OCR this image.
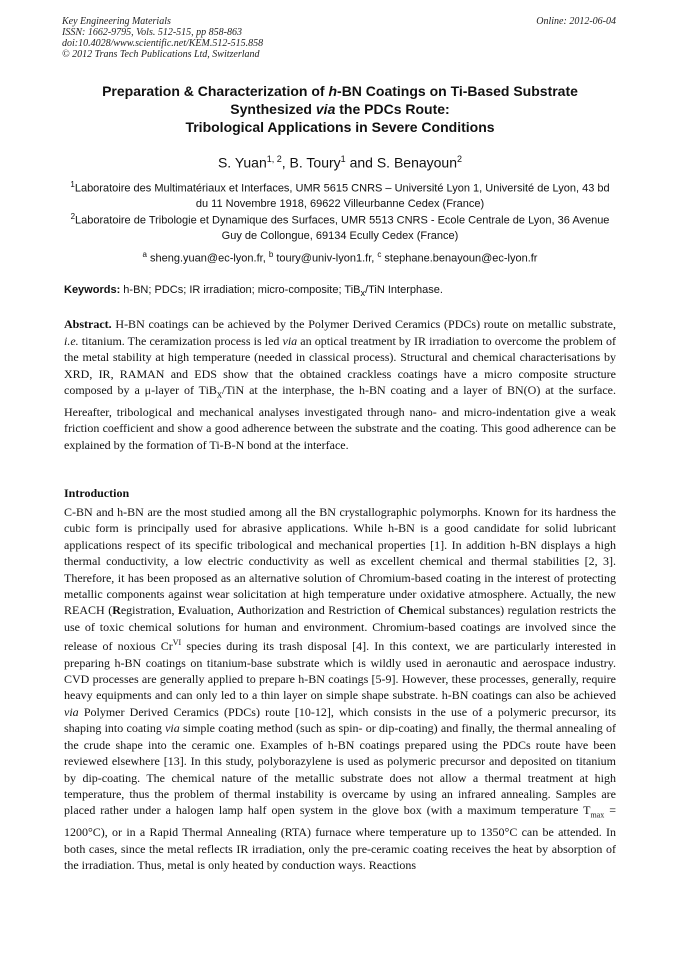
Key Engineering Materials
ISSN: 1662-9795, Vols. 512-515, pp 858-863
doi:10.4028/www.scientific.net/KEM.512-515.858
© 2012 Trans Tech Publications Ltd, Switzerland
Online: 2012-06-04
Preparation & Characterization of h-BN Coatings on Ti-Based Substrate
Synthesized via the PDCs Route:
Tribological Applications in Severe Conditions
S. Yuan$^{1, 2}$, B. Toury$^1$ and S. Benayoun$^2$
$^1$Laboratoire des Multimatériaux et Interfaces, UMR 5615 CNRS – Université Lyon 1, Université de Lyon, 43 bd du 11 Novembre 1918, 69622 Villeurbanne Cedex (France)
$^2$Laboratoire de Tribologie et Dynamique des Surfaces, UMR 5513 CNRS - Ecole Centrale de Lyon, 36 Avenue Guy de Collongue, 69134 Ecully Cedex (France)
$^a$ sheng.yuan@ec-lyon.fr, $^b$ toury@univ-lyon1.fr, $^c$ stephane.benayoun@ec-lyon.fr
Keywords: h-BN; PDCs; IR irradiation; micro-composite; TiB$_x$/TiN Interphase.
Abstract. H-BN coatings can be achieved by the Polymer Derived Ceramics (PDCs) route on metallic substrate, i.e. titanium. The ceramization process is led via an optical treatment by IR irradiation to overcome the problem of the metal stability at high temperature (needed in classical process). Structural and chemical characterisations by XRD, IR, RAMAN and EDS show that the obtained crackless coatings have a micro composite structure composed by a μ-layer of TiB$_x$/TiN at the interphase, the h-BN coating and a layer of BN(O) at the surface. Hereafter, tribological and mechanical analyses investigated through nano- and micro-indentation give a weak friction coefficient and show a good adherence between the substrate and the coating. This good adherence can be explained by the formation of Ti-B-N bond at the interface.
Introduction
C-BN and h-BN are the most studied among all the BN crystallographic polymorphs. Known for its hardness the cubic form is principally used for abrasive applications. While h-BN is a good candidate for solid lubricant applications respect of its specific tribological and mechanical properties [1]. In addition h-BN displays a high thermal conductivity, a low electric conductivity as well as excellent chemical and thermal stabilities [2, 3]. Therefore, it has been proposed as an alternative solution of Chromium-based coating in the interest of protecting metallic components against wear solicitation at high temperature under oxidative atmosphere. Actually, the new REACH (Registration, Evaluation, Authorization and Restriction of Chemical substances) regulation restricts the use of toxic chemical solutions for human and environment. Chromium-based coatings are involved since the release of noxious $Cr^{VI}$ species during its trash disposal [4]. In this context, we are particularly interested in preparing h-BN coatings on titanium-base substrate which is wildly used in aeronautic and aerospace industry. CVD processes are generally applied to prepare h-BN coatings [5-9]. However, these processes, generally, require heavy equipments and can only led to a thin layer on simple shape substrate. h-BN coatings can also be achieved via Polymer Derived Ceramics (PDCs) route [10-12], which consists in the use of a polymeric precursor, its shaping into coating via simple coating method (such as spin- or dip-coating) and finally, the thermal annealing of the crude shape into the ceramic one. Examples of h-BN coatings prepared using the PDCs route have been reviewed elsewhere [13]. In this study, polyborazylene is used as polymeric precursor and deposited on titanium by dip-coating. The chemical nature of the metallic substrate does not allow a thermal treatment at high temperature, thus the problem of thermal instability is overcame by using an infrared annealing. Samples are placed rather under a halogen lamp half open system in the glove box (with a maximum temperature $T_{max} = 1200^\circ C$), or in a Rapid Thermal Annealing (RTA) furnace where temperature up to 1350°C can be attended. In both cases, since the metal reflects IR irradiation, only the pre-ceramic coating receives the heat by absorption of the irradiation. Thus, metal is only heated by conduction ways. Reactions
